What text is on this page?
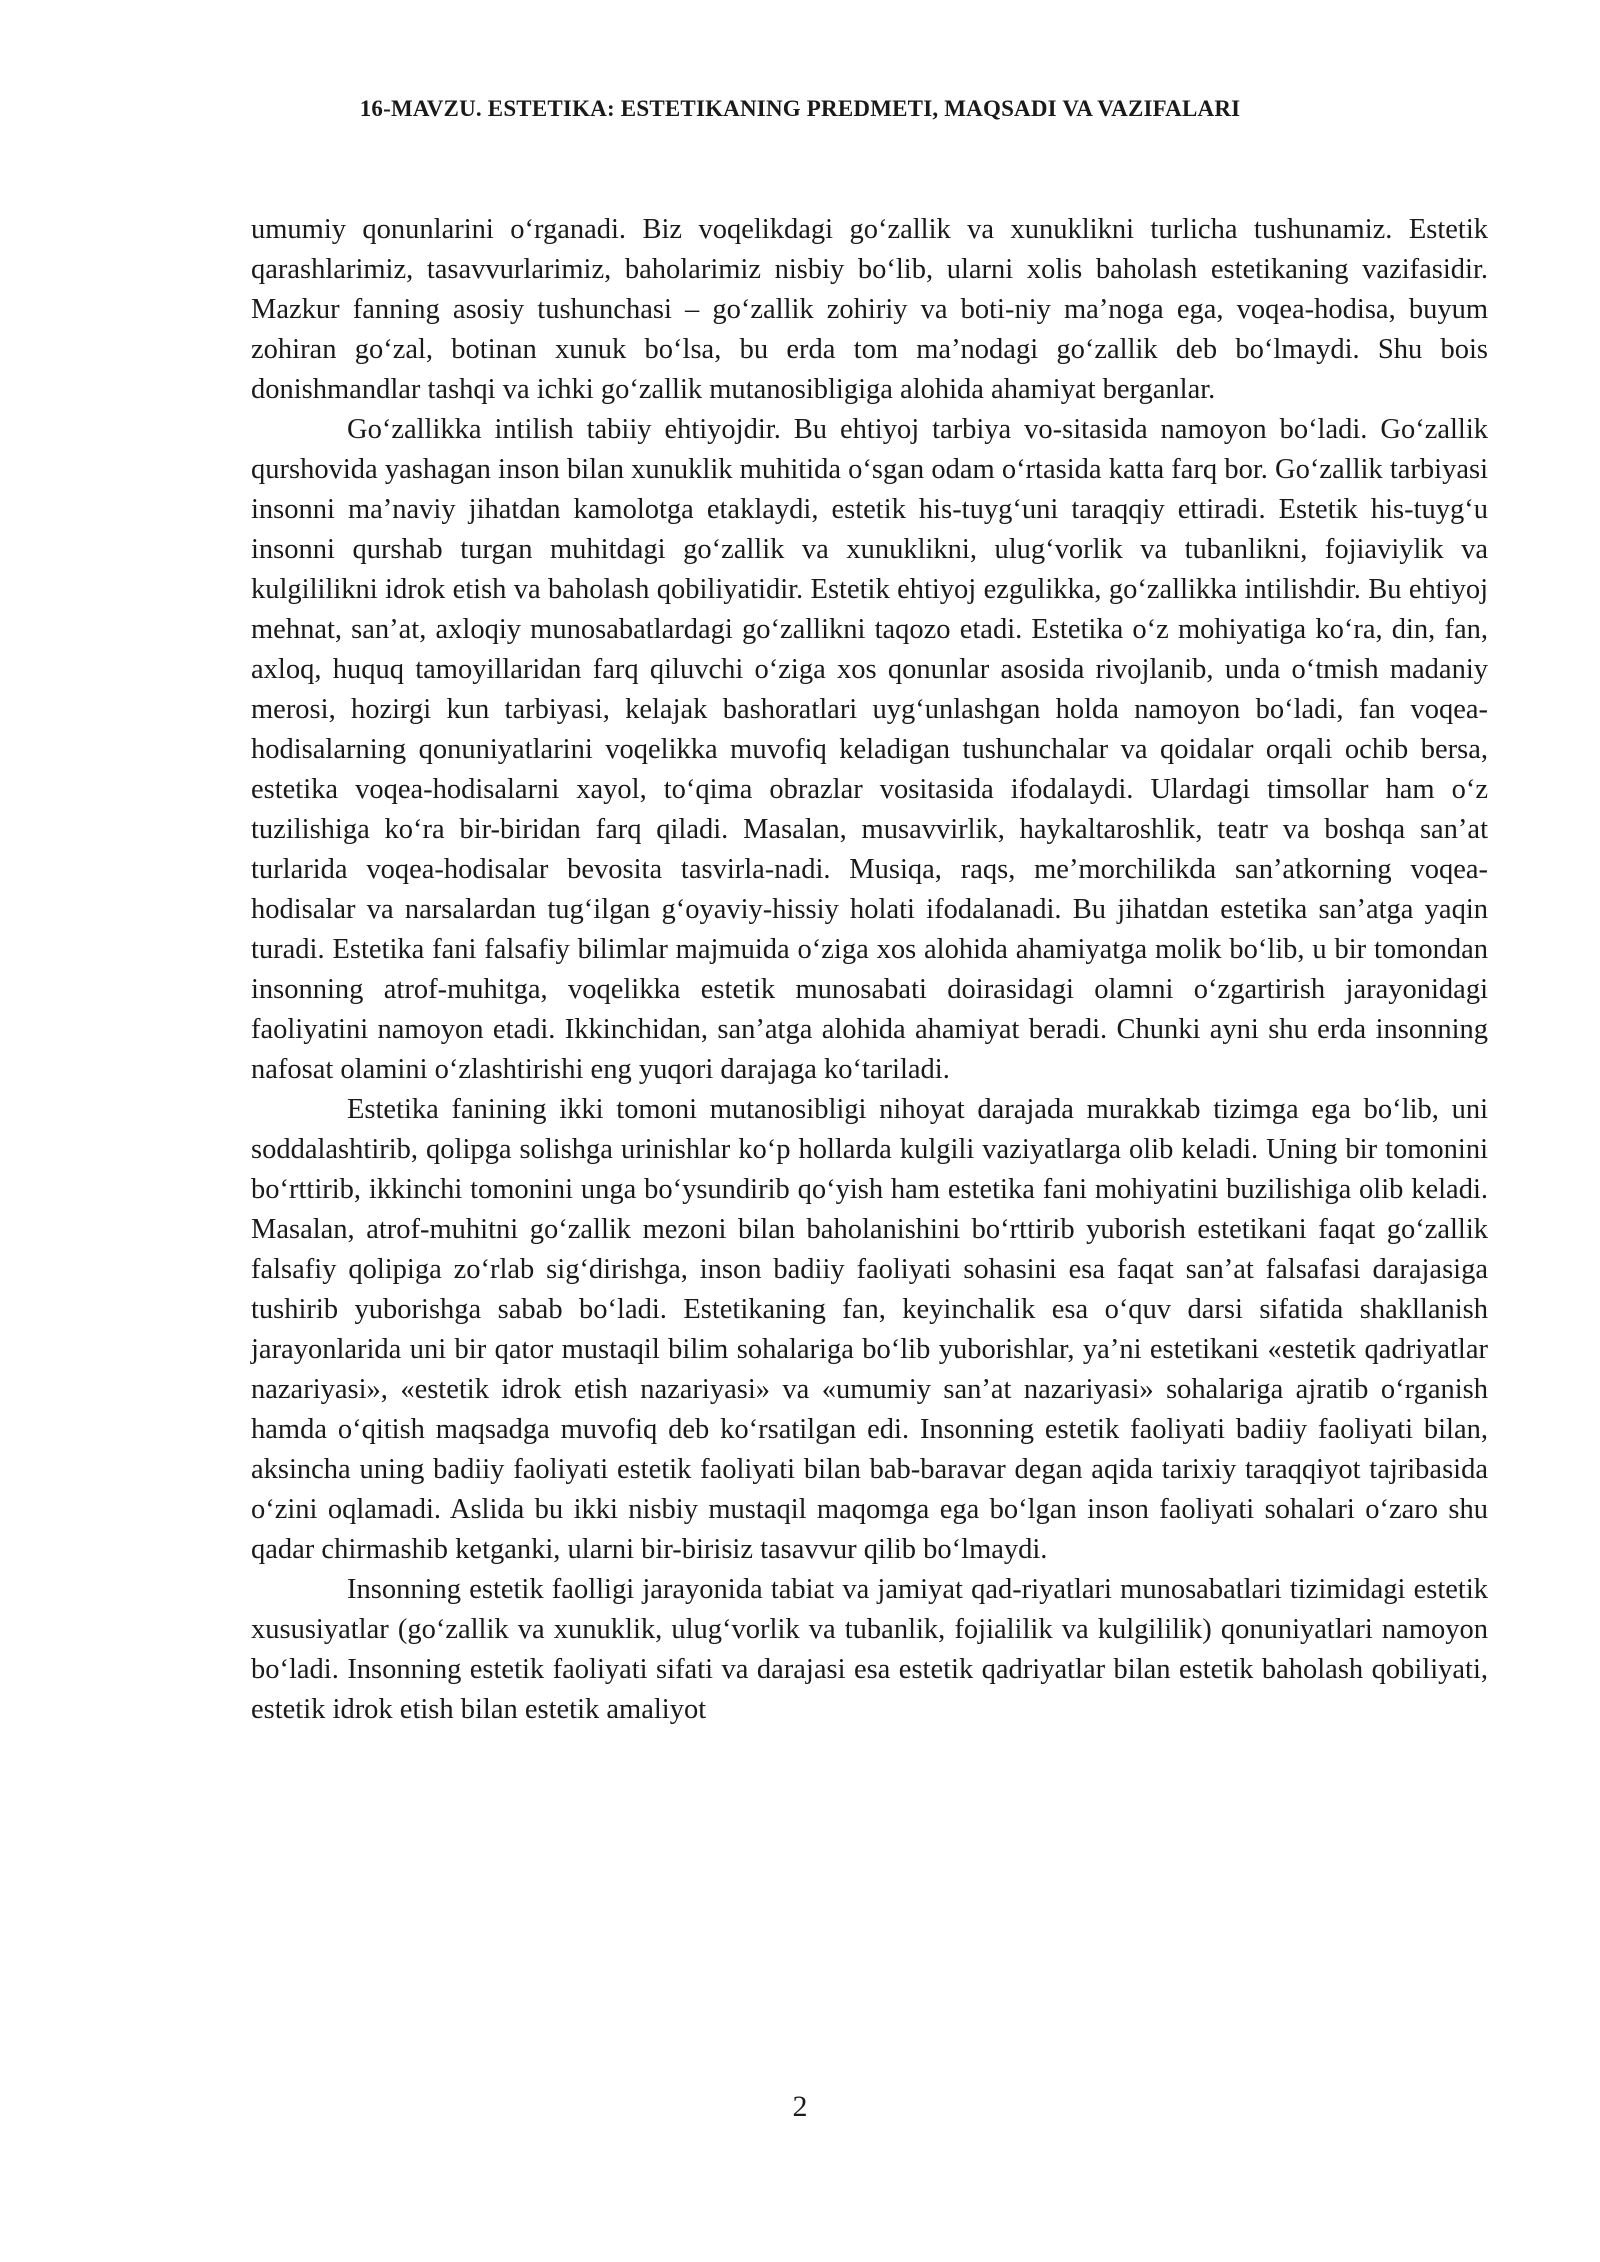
16-MAVZU. ESTETIKA: ESTETIKANING PREDMETI, MAQSADI VA VAZIFALARI

umumiy qonunlarini o‘rganadi. Biz voqelikdagi go‘zallik va xunuklikni turlicha tushunamiz. Estetik qarashlarimiz, tasavvurlarimiz, baholarimiz nisbiy bo‘lib, ularni xolis baholash estetikaning vazifasidir. Mazkur fanning asosiy tushunchasi – go‘zallik zohiriy va boti-niy ma’noga ega, voqea-hodisa, buyum zohiran go‘zal, botinan xunuk bo‘lsa, bu erda tom ma’nodagi go‘zallik deb bo‘lmaydi. Shu bois donishmandlar tashqi va ichki go‘zallik mutanosibligiga alohida ahamiyat berganlar.

Go‘zallikka intilish tabiiy ehtiyojdir. Bu ehtiyoj tarbiya vo-sitasida namoyon bo‘ladi. Go‘zallik qurshovida yashagan inson bilan xunuklik muhitida o‘sgan odam o‘rtasida katta farq bor. Go‘zallik tarbiyasi insonni ma’naviy jihatdan kamolotga etaklaydi, estetik his-tuyg‘uni taraqqiy ettiradi. Estetik his-tuyg‘u insonni qurshab turgan muhitdagi go‘zallik va xunuklikni, ulug‘vorlik va tubanlikni, fojiaviylik va kulgililikni idrok etish va baholash qobiliyatidir. Estetik ehtiyoj ezgulikka, go‘zallikka intilishdir. Bu ehtiyoj mehnat, san’at, axloqiy munosabatlardagi go‘zallikni taqozo etadi. Estetika o‘z mohiyatiga ko‘ra, din, fan, axloq, huquq tamoyillaridan farq qiluvchi o‘ziga xos qonunlar asosida rivojlanib, unda o‘tmish madaniy merosi, hozirgi kun tarbiyasi, kelajak bashoratlari uyg‘unlashgan holda namoyon bo‘ladi, fan voqea-hodisalarning qonuniyatlarini voqelikka muvofiq keladigan tushunchalar va qoidalar orqali ochib bersa, estetika voqea-hodisalarni xayol, to‘qima obrazlar vositasida ifodalaydi. Ulardagi timsollar ham o‘z tuzilishiga ko‘ra bir-biridan farq qiladi. Masalan, musavvirlik, haykaltaroshlik, teatr va boshqa san’at turlarida voqea-hodisalar bevosita tasvirla-nadi. Musiqa, raqs, me’morchilikda san’atkorning voqea-hodisalar va narsalardan tug‘ilgan g‘oyaviy-hissiy holati ifodalanadi. Bu jihatdan estetika san’atga yaqin turadi. Estetika fani falsafiy bilimlar majmuida o‘ziga xos alohida ahamiyatga molik bo‘lib, u bir tomondan insonning atrof-muhitga, voqelikka estetik munosabati doirasidagi olamni o‘zgartirish jarayonidagi faoliyatini namoyon etadi. Ikkinchidan, san’atga alohida ahamiyat beradi. Chunki ayni shu erda insonning nafosat olamini o‘zlashtirishi eng yuqori darajaga ko‘tariladi.

Estetika fanining ikki tomoni mutanosibligi nihoyat darajada murakkab tizimga ega bo‘lib, uni soddalashtirib, qolipga solishga urinishlar ko‘p hollarda kulgili vaziyatlarga olib keladi. Uning bir tomonini bo‘rttirib, ikkinchi tomonini unga bo‘ysundirib qo‘yish ham estetika fani mohiyatini buzilishiga olib keladi. Masalan, atrof-muhitni go‘zallik mezoni bilan baholanishini bo‘rttirib yuborish estetikani faqat go‘zallik falsafiy qolipiga zo‘rlab sig‘dirishga, inson badiiy faoliyati sohasini esa faqat san’at falsafasi darajasiga tushirib yuborishga sabab bo‘ladi. Estetikaning fan, keyinchalik esa o‘quv darsi sifatida shakllanish jarayonlarida uni bir qator mustaqil bilim sohalariga bo‘lib yuborishlar, ya’ni estetikani «estetik qadriyatlar nazariyasi», «estetik idrok etish nazariyasi» va «umumiy san’at nazariyasi» sohalariga ajratib o‘rganish hamda o‘qitish maqsadga muvofiq deb ko‘rsatilgan edi. Insonning estetik faoliyati badiiy faoliyati bilan, aksincha uning badiiy faoliyati estetik faoliyati bilan bab-baravar degan aqida tarixiy taraqqiyot tajribasida o‘zini oqlamadi. Aslida bu ikki nisbiy mustaqil maqomga ega bo‘lgan inson faoliyati sohalari o‘zaro shu qadar chirmashib ketganki, ularni bir-birisiz tasavvur qilib bo‘lmaydi.

Insonning estetik faolligi jarayonida tabiat va jamiyat qad-riyatlari munosabatlari tizimidagi estetik xususiyatlar (go‘zallik va xunuklik, ulug‘vorlik va tubanlik, fojialilik va kulgililik) qonuniyatlari namoyon bo‘ladi. Insonning estetik faoliyati sifati va darajasi esa estetik qadriyatlar bilan estetik baholash qobiliyati, estetik idrok etish bilan estetik amaliyot

2
